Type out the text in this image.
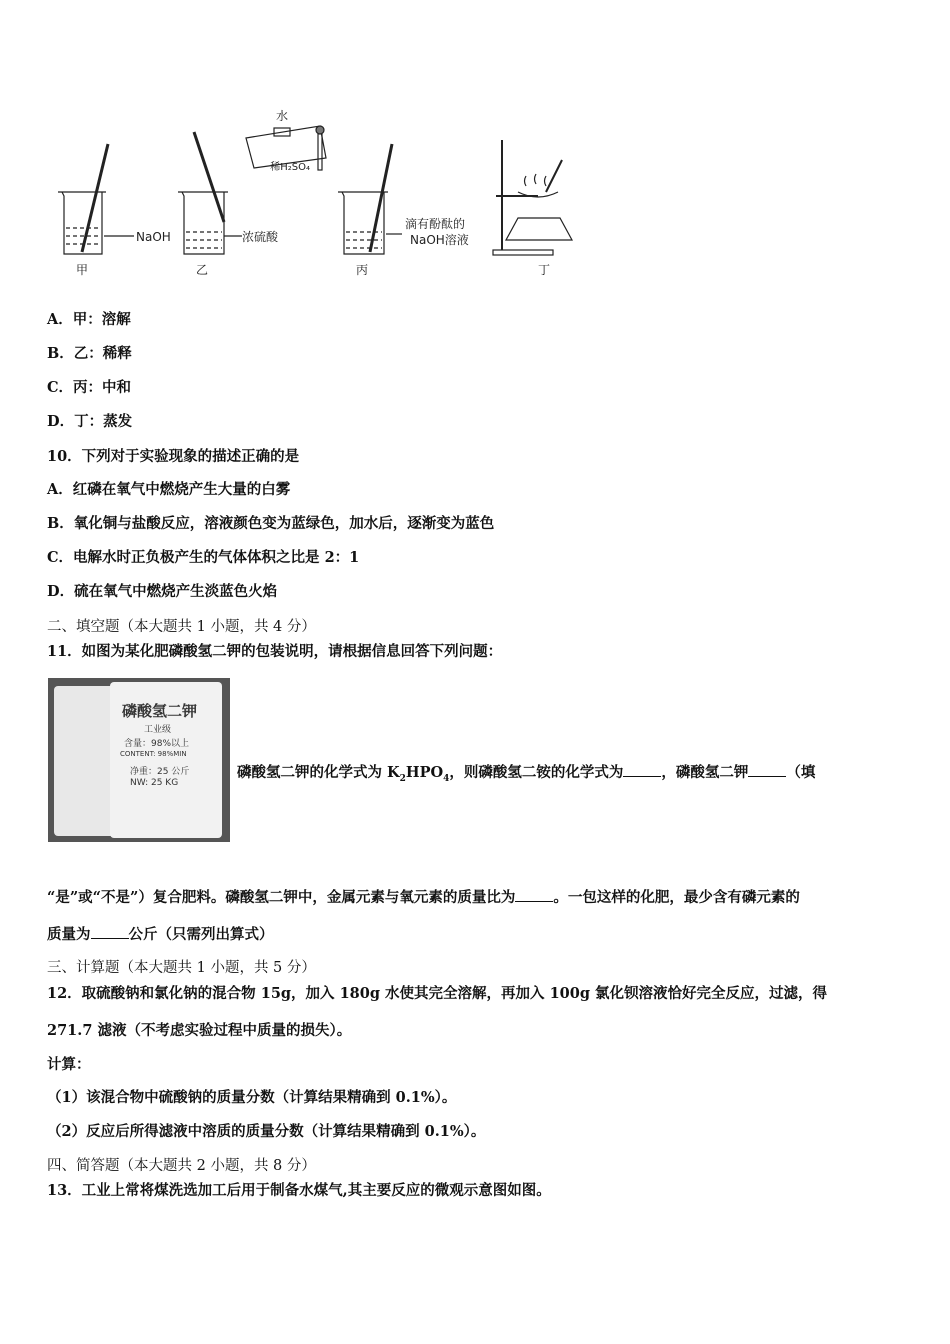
NaOH
甲
水
浓硫酸
乙
稀H₂SO₄
滴有酚酞的
NaOH溶液
丙	丁
A．甲：溶解
B．乙：稀释
C．丙：中和
D．丁：蒸发
10．下列对于实验现象的描述正确的是
A．红磷在氧气中燃烧产生大量的白雾
B．氧化铜与盐酸反应，溶液颜色变为蓝绿色，加水后，逐渐变为蓝色
C．电解水时正负极产生的气体体积之比是 2：1
D．硫在氧气中燃烧产生淡蓝色火焰
二、填空题（本大题共 1 小题，共 4 分）
11．如图为某化肥磷酸氢二钾的包装说明，请根据信息回答下列问题：
磷酸氢二钾
工业级
含量：98%以上
CONTENT: 98%MIN
净重：25 公斤
NW: 25 KG
磷酸氢二钾的化学式为 $K_2HPO_4$，则磷酸氢二铵的化学式为	，磷酸氢二钾	（填
“是”或“不是”）复合肥料。磷酸氢二钾中，金属元素与氧元素的质量比为	。一包这样的化肥，最少含有磷元素的
质量为	公斤（只需列出算式）
三、计算题（本大题共 1 小题，共 5 分）
12．取硫酸钠和氯化钠的混合物 15g，加入 180g 水使其完全溶解，再加入 100g 氯化钡溶液恰好完全反应，过滤，得
271.7 滤液（不考虑实验过程中质量的损失）。
计算：
（1）该混合物中硫酸钠的质量分数（计算结果精确到 0.1%）。
（2）反应后所得滤液中溶质的质量分数（计算结果精确到 0.1%）。
四、简答题（本大题共 2 小题，共 8 分）
13．工业上常将煤洗选加工后用于制备水煤气,其主要反应的微观示意图如图。
